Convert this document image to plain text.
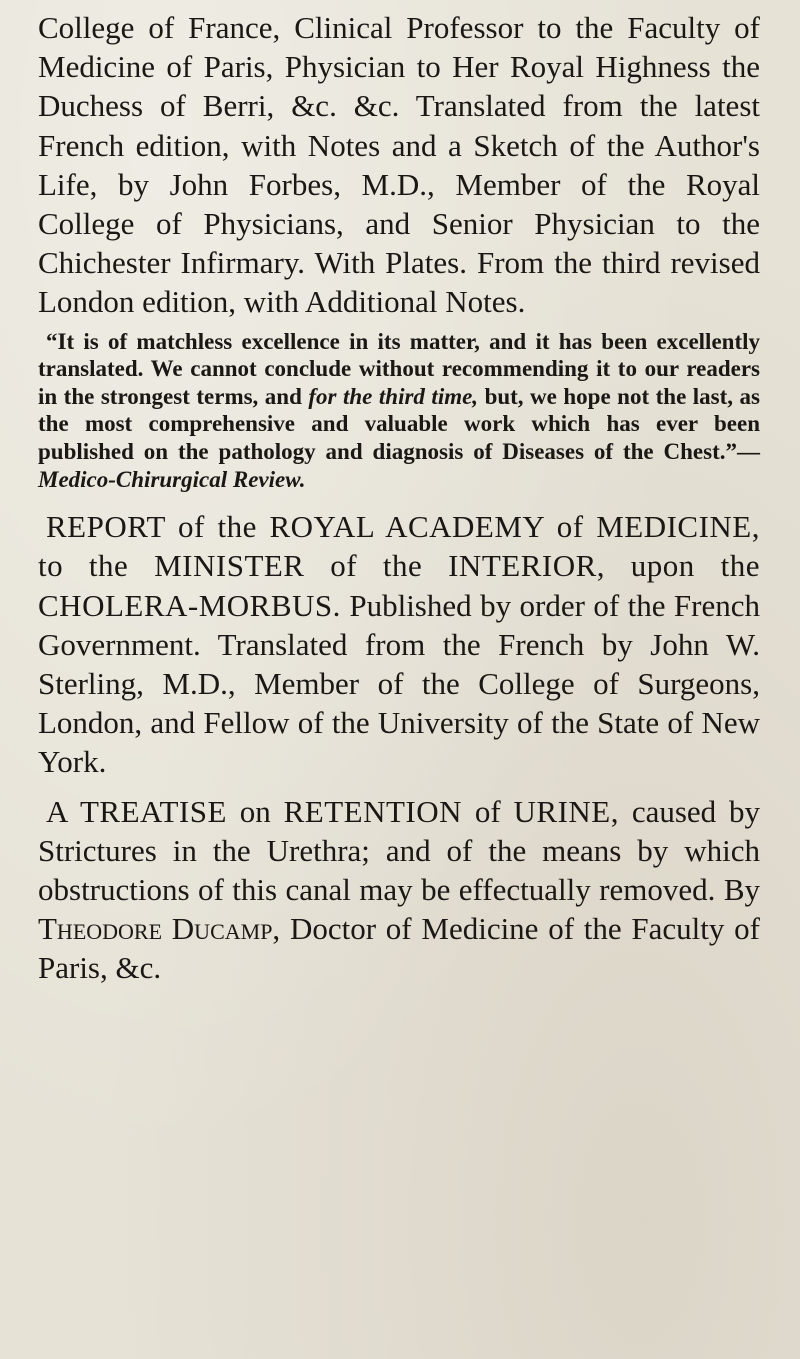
College of France, Clinical Professor to the Faculty of Medicine of Paris, Physician to Her Royal Highness the Duchess of Berri, &c. &c. Translated from the latest French edition, with Notes and a Sketch of the Author's Life, by John Forbes, M.D., Member of the Royal College of Physicians, and Senior Physician to the Chichester Infirmary. With Plates. From the third revised London edition, with Additional Notes.

“It is of matchless excellence in its matter, and it has been excellently translated. We cannot conclude without recommending it to our readers in the strongest terms, and for the third time, but, we hope not the last, as the most comprehensive and valuable work which has ever been published on the pathology and diagnosis of Diseases of the Chest.”—Medico-Chirurgical Review.

REPORT of the ROYAL ACADEMY of MEDICINE, to the MINISTER of the INTERIOR, upon the CHOLERA-MORBUS. Published by order of the French Government. Translated from the French by John W. Sterling, M.D., Member of the College of Surgeons, London, and Fellow of the University of the State of New York.

A TREATISE on RETENTION of URINE, caused by Strictures in the Urethra; and of the means by which obstructions of this canal may be effectually removed. By Theodore Ducamp, Doctor of Medicine of the Faculty of Paris, &c.
